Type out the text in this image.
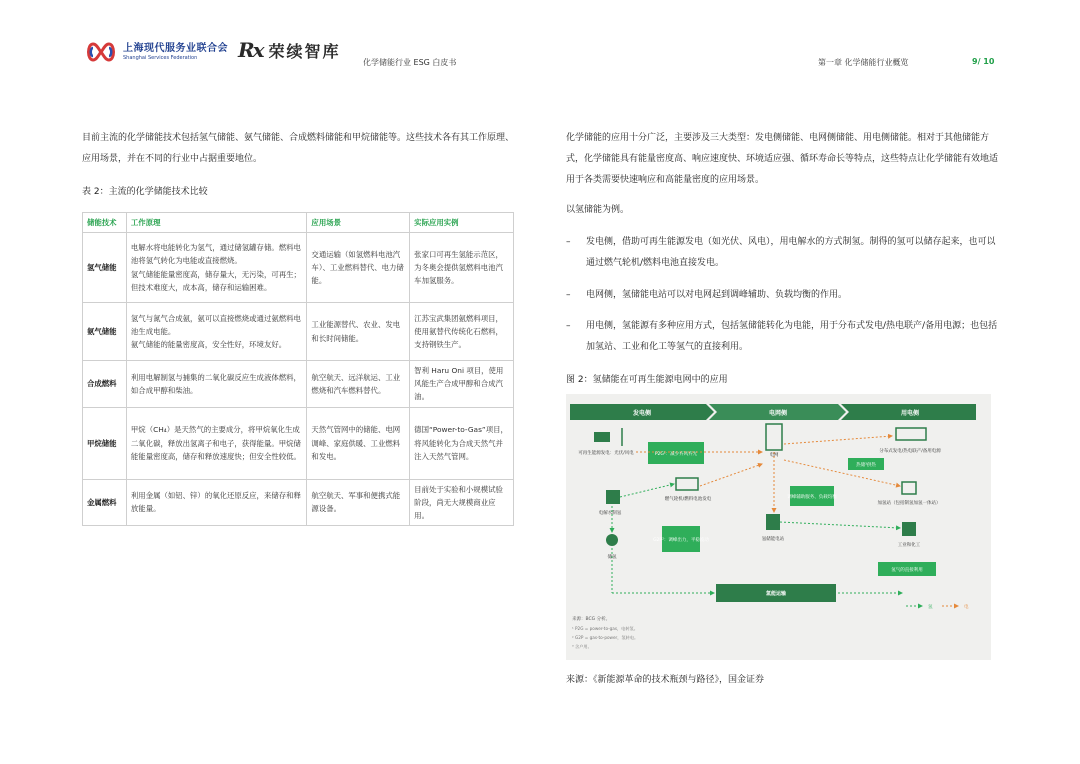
上海现代服务业联合会
Shanghai Services Federation	Rx 荣续智库
化学储能行业 ESG 白皮书	第一章 化学储能行业概览	9/ 10

目前主流的化学储能技术包括氢气储能、氨气储能、合成燃料储能和甲烷储能等。这些技术各有其工作原理、应用场景，并在不同的行业中占据重要地位。

表 2：主流的化学储能技术比较
储能技术	工作原理	应用场景	实际应用实例
氢气储能	电解水将电能转化为氢气，通过储氢罐存储。燃料电池将氢气转化为电能或直接燃烧。
氢气储能能量密度高，储存量大，无污染，可再生；但技术难度大，成本高，储存和运输困难。	交通运输（如氢燃料电池汽车）、工业燃料替代、电力储能。	张家口可再生氢能示范区，为冬奥会提供氢燃料电池汽车加氢服务。
氨气储能	氢气与氮气合成氨，氨可以直接燃烧或通过氨燃料电池生成电能。
氨气储能的能量密度高，安全性好，环境友好。	工业能源替代、农业、发电和长时间储能。	江苏宝武集团氨燃料项目，使用氨替代传统化石燃料，支持钢铁生产。
合成燃料	利用电解制氢与捕集的二氧化碳反应生成液体燃料，如合成甲醇和柴油。	航空航天、远洋航运、工业燃烧和汽车燃料替代。	智利 Haru Oni 项目，使用风能生产合成甲醇和合成汽油。
甲烷储能	甲烷（CH₄）是天然气的主要成分，将甲烷氧化生成二氧化碳，释放出氢离子和电子，获得能量。甲烷储能能量密度高，储存和释放速度快；但安全性较低。	天然气管网中的储能、电网调峰、家庭供暖、工业燃料和发电。	德国“Power-to-Gas”项目，将风能转化为合成天然气并注入天然气管网。
金属燃料	利用金属（如铝、锌）的氧化还原反应，来储存和释放能量。	航空航天、军事和便携式能源设备。	目前处于实验和小规模试验阶段，尚无大规模商业应用。

化学储能的应用十分广泛，主要涉及三大类型：发电侧储能、电网侧储能、用电侧储能。相对于其他储能方式，化学储能具有能量密度高、响应速度快、环境适应强、循环寿命长等特点，这些特点让化学储能有效地适用于各类需要快速响应和高能量密度的应用场景。

以氢储能为例。

– 发电侧，借助可再生能源发电（如光伏、风电），用电解水的方式制氢。制得的氢可以储存起来，也可以通过燃气轮机/燃料电池直接发电。

– 电网侧，氢储能电站可以对电网起到调峰辅助、负载均衡的作用。

– 用电侧，氢能源有多种应用方式，包括氢储能转化为电能，用于分布式发电/热电联产/备用电源；也包括加氢站、工业和化工等氢气的直接利用。

图 2：氢储能在可再生能源电网中的应用
发电侧	电网侧	用电侧
可再生能源发电：光伏/风电	P2G¹：减少弃风弃光	电网
电解水制氢
燃气轮机/燃料电池发电
G2P²：调峰出力，平稳波动
调峰辅助服务、负载均衡
氢储能电站
储氢
分布式发电/热电联产/备用电源
热储³供热
加氢站（包括制氢加氢一体站）
工业和化工
氢气的直接利用
氢能运输
氢	电
来源：BCG 分析。
¹ P2G = power-to-gas，电转氢。
² G2P = gas-to-power，氢转电。
³ 含户用。
来源：《新能源革命的技术瓶颈与路径》，国金证券
